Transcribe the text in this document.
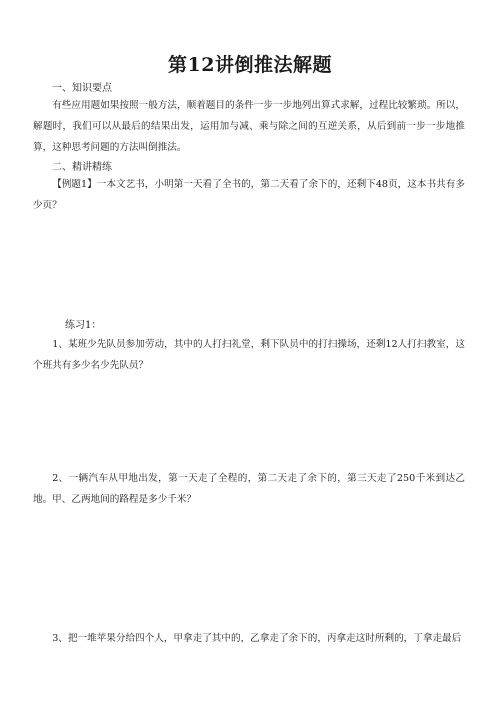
第12讲倒推法解题
一、知识要点
有些应用题如果按照一般方法，顺着题目的条件一步一步地列出算式求解，过程比较繁琐。所以，解题时，我们可以从最后的结果出发，运用加与减、乘与除之间的互逆关系，从后到前一步一步地推算，这种思考问题的方法叫倒推法。
二、精讲精练
【例题1】一本文艺书，小明第一天看了全书的，第二天看了余下的，还剩下48页，这本书共有多少页？
练习1：
1、某班少先队员参加劳动，其中的人打扫礼堂，剩下队员中的打扫操场，还剩12人打扫教室，这个班共有多少名少先队员？
2、一辆汽车从甲地出发，第一天走了全程的，第二天走了余下的，第三天走了250千米到达乙地。甲、乙两地间的路程是多少千米？
3、把一堆苹果分给四个人，甲拿走了其中的，乙拿走了余下的，丙拿走这时所剩的，丁拿走最后
